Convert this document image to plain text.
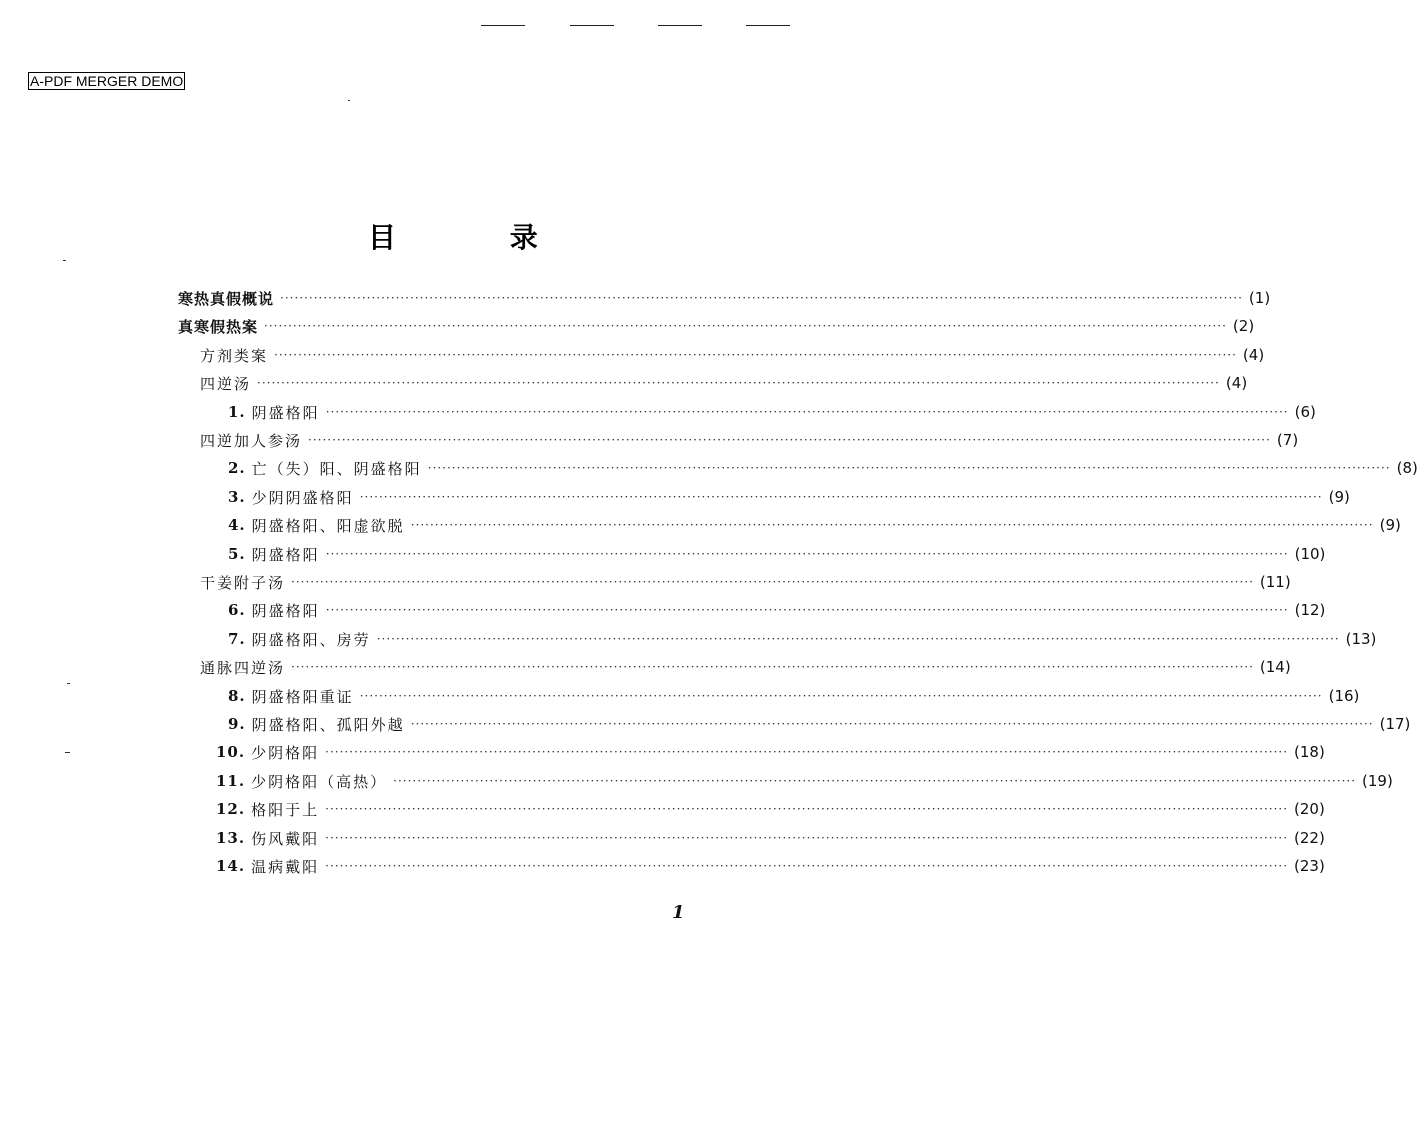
A-PDF MERGER DEMO
目 录
寒热真假概说 ········································································································································································································ ( 1 )
真寒假热案 ········································································································································································································ ( 2 )
方剂类案 ········································································································································································································ ( 4 )
四逆汤 ········································································································································································································ ( 4 )
1. 阴盛格阳 ········································································································································································································ ( 6 )
四逆加人参汤 ········································································································································································································ ( 7 )
2. 亡（失）阳、阴盛格阳 ········································································································································································································ ( 8 )
3. 少阴阴盛格阳 ········································································································································································································ ( 9 )
4. 阴盛格阳、阳虚欲脱 ········································································································································································································ ( 9 )
5. 阴盛格阳 ········································································································································································································ ( 10 )
干姜附子汤 ········································································································································································································ ( 11 )
6. 阴盛格阳 ········································································································································································································ ( 12 )
7. 阴盛格阳、房劳 ········································································································································································································ ( 13 )
通脉四逆汤 ········································································································································································································ ( 14 )
8. 阴盛格阳重证 ········································································································································································································ ( 16 )
9. 阴盛格阳、孤阳外越 ········································································································································································································ ( 17 )
10. 少阴格阳 ········································································································································································································ ( 18 )
11. 少阴格阳（高热） ········································································································································································································ ( 19 )
12. 格阳于上 ········································································································································································································ ( 20 )
13. 伤风戴阳 ········································································································································································································ ( 22 )
14. 温病戴阳 ········································································································································································································ ( 23 )
1
